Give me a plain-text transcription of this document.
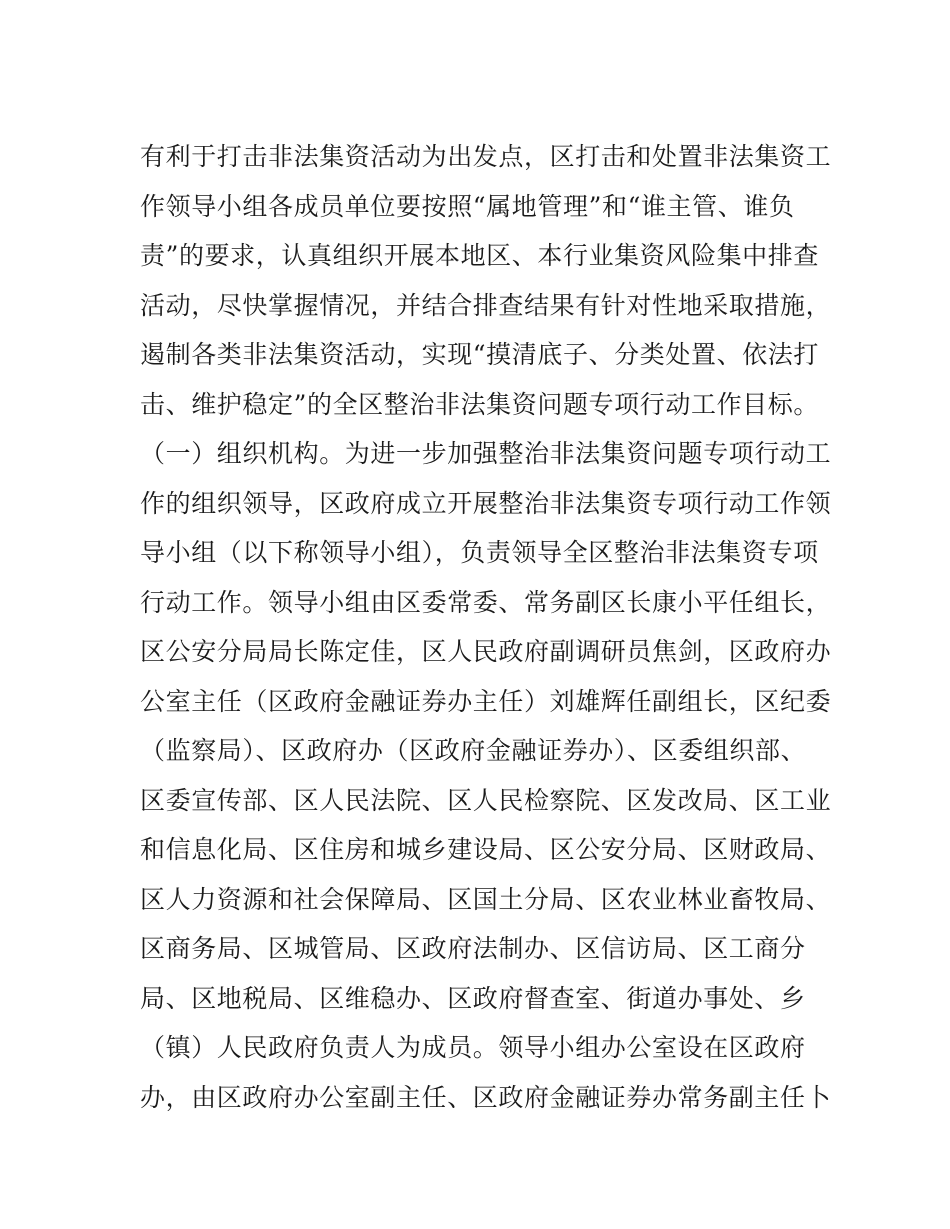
有利于打击非法集资活动为出发点，区打击和处置非法集资工
作领导小组各成员单位要按照“属地管理”和“谁主管、谁负
责”的要求，认真组织开展本地区、本行业集资风险集中排查
活动，尽快掌握情况，并结合排查结果有针对性地采取措施，
遏制各类非法集资活动，实现“摸清底子、分类处置、依法打
击、维护稳定”的全区整治非法集资问题专项行动工作目标。
（一）组织机构。为进一步加强整治非法集资问题专项行动工
作的组织领导，区政府成立开展整治非法集资专项行动工作领
导小组（以下称领导小组），负责领导全区整治非法集资专项
行动工作。领导小组由区委常委、常务副区长康小平任组长，
区公安分局局长陈定佳，区人民政府副调研员焦剑，区政府办
公室主任（区政府金融证券办主任）刘雄辉任副组长，区纪委
（监察局）、区政府办（区政府金融证券办）、区委组织部、
区委宣传部、区人民法院、区人民检察院、区发改局、区工业
和信息化局、区住房和城乡建设局、区公安分局、区财政局、
区人力资源和社会保障局、区国土分局、区农业林业畜牧局、
区商务局、区城管局、区政府法制办、区信访局、区工商分
局、区地税局、区维稳办、区政府督查室、街道办事处、乡
（镇）人民政府负责人为成员。领导小组办公室设在区政府
办，由区政府办公室副主任、区政府金融证券办常务副主任卜
